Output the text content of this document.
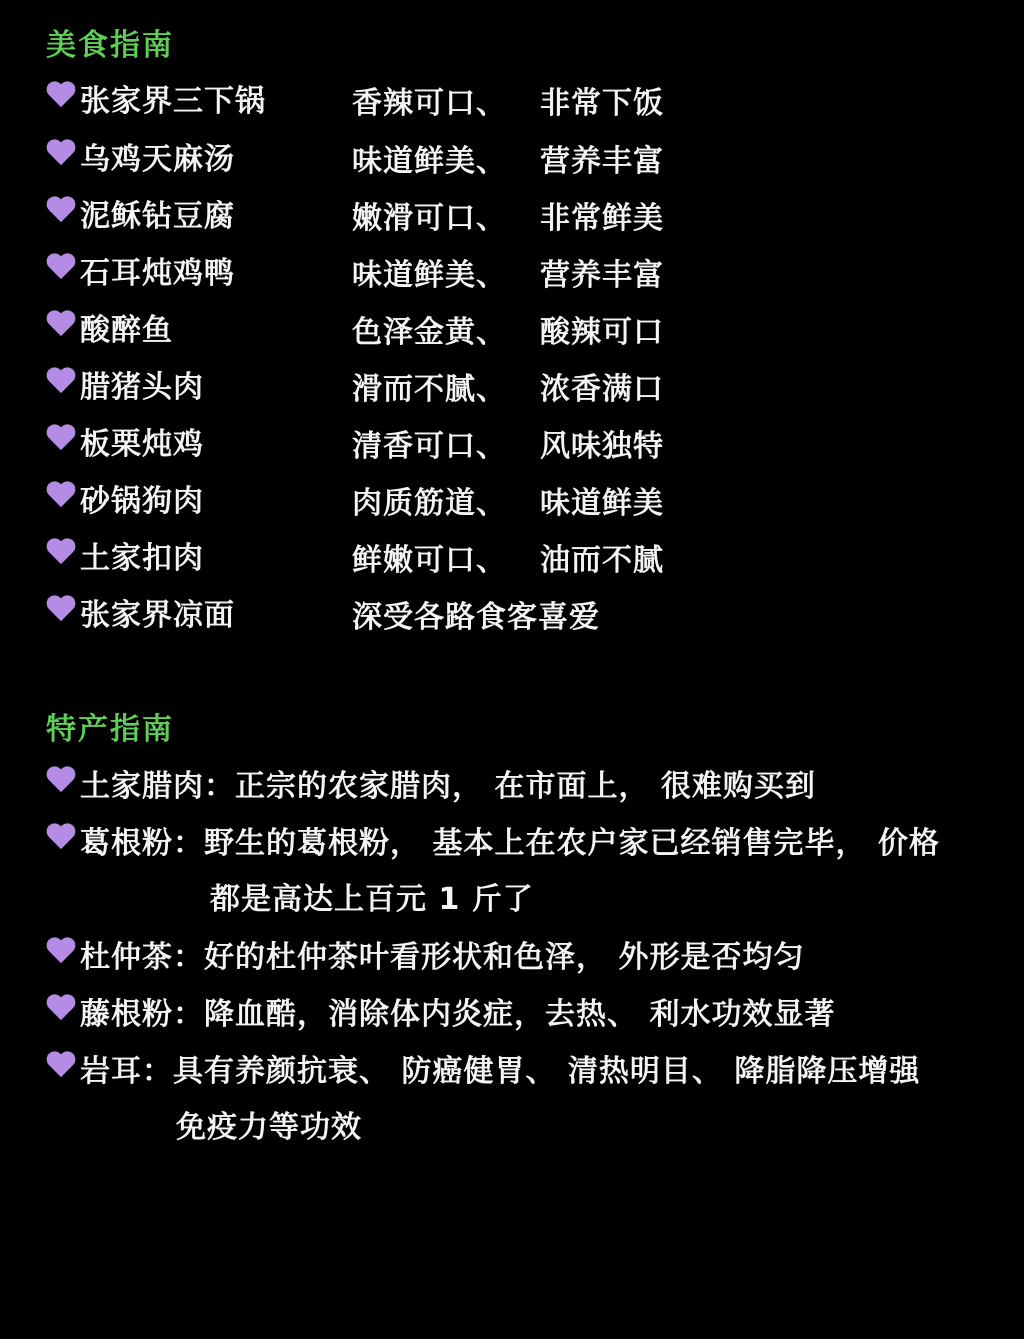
美食指南
张家界三下锅	香辣可口、 非常下饭
乌鸡天麻汤	味道鲜美、 营养丰富
泥稣钻豆腐	嫩滑可口、 非常鲜美
石耳炖鸡鸭	味道鲜美、 营养丰富
酸醉鱼	色泽金黄、 酸辣可口
腊猪头肉	滑而不腻、 浓香满口
板栗炖鸡	清香可口、 风味独特
砂锅狗肉	肉质筋道、 味道鲜美
土家扣肉	鲜嫩可口、 油而不腻
张家界凉面	深受各路食客喜爱
特产指南
土家腊肉：正宗的农家腊肉， 在市面上， 很难购买到
葛根粉：野生的葛根粉， 基本上在农户家已经销售完毕， 价格
都是高达上百元 1 斤了
杜仲茶：好的杜仲茶叶看形状和色泽， 外形是否均匀
藤根粉：降血酷，消除体内炎症，去热、 利水功效显著
岩耳：具有养颜抗衰、 防癌健胃、 清热明目、 降脂降压增强
免疫力等功效
